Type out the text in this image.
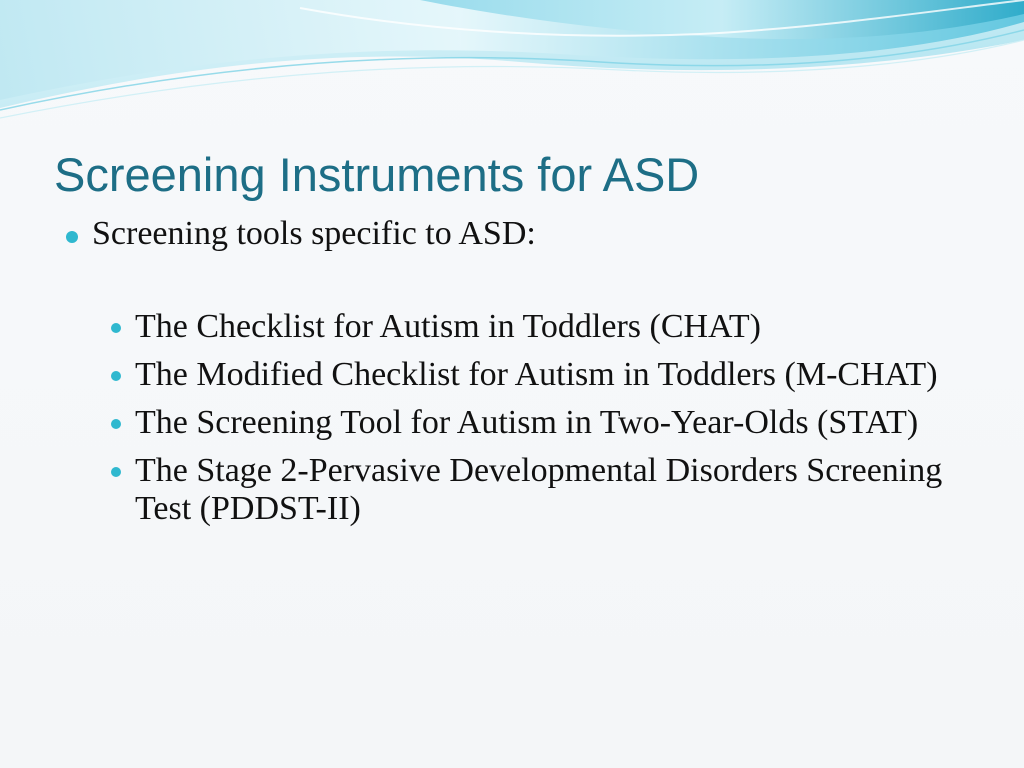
Screening Instruments for ASD
Screening tools specific to ASD:
The Checklist for Autism in Toddlers (CHAT)
The Modified Checklist for Autism in Toddlers (M-CHAT)
The Screening Tool for Autism in Two-Year-Olds (STAT)
The Stage 2-Pervasive Developmental Disorders Screening Test (PDDST-II)
